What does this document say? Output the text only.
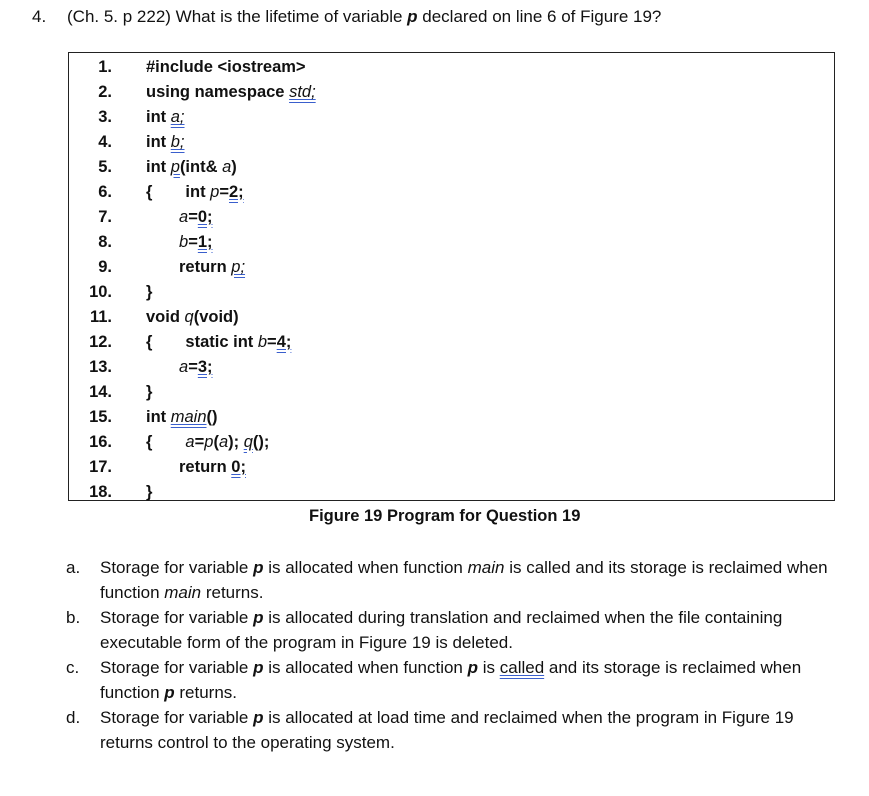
4. (Ch. 5. p 222) What is the lifetime of variable p declared on line 6 of Figure 19?
1. #include <iostream>
2. using namespace std;
3. int a;
4. int b;
5. int p(int& a)
6. { int p=2;
7.	a=0;
8.	b=1;
9.	return p;
10. }
11. void q(void)
12. { static int b=4;
13.	a=3;
14. }
15. int main()
16. { a=p(a); q();
17.	return 0;
18. }
Figure 19 Program for Question 19
a.	Storage for variable p is allocated when function main is called and its storage is reclaimed when function main returns.
b.	Storage for variable p is allocated during translation and reclaimed when the file containing executable form of the program in Figure 19 is deleted.
c.	Storage for variable p is allocated when function p is called and its storage is reclaimed when function p returns.
d.	Storage for variable p is allocated at load time and reclaimed when the program in Figure 19 returns control to the operating system.
